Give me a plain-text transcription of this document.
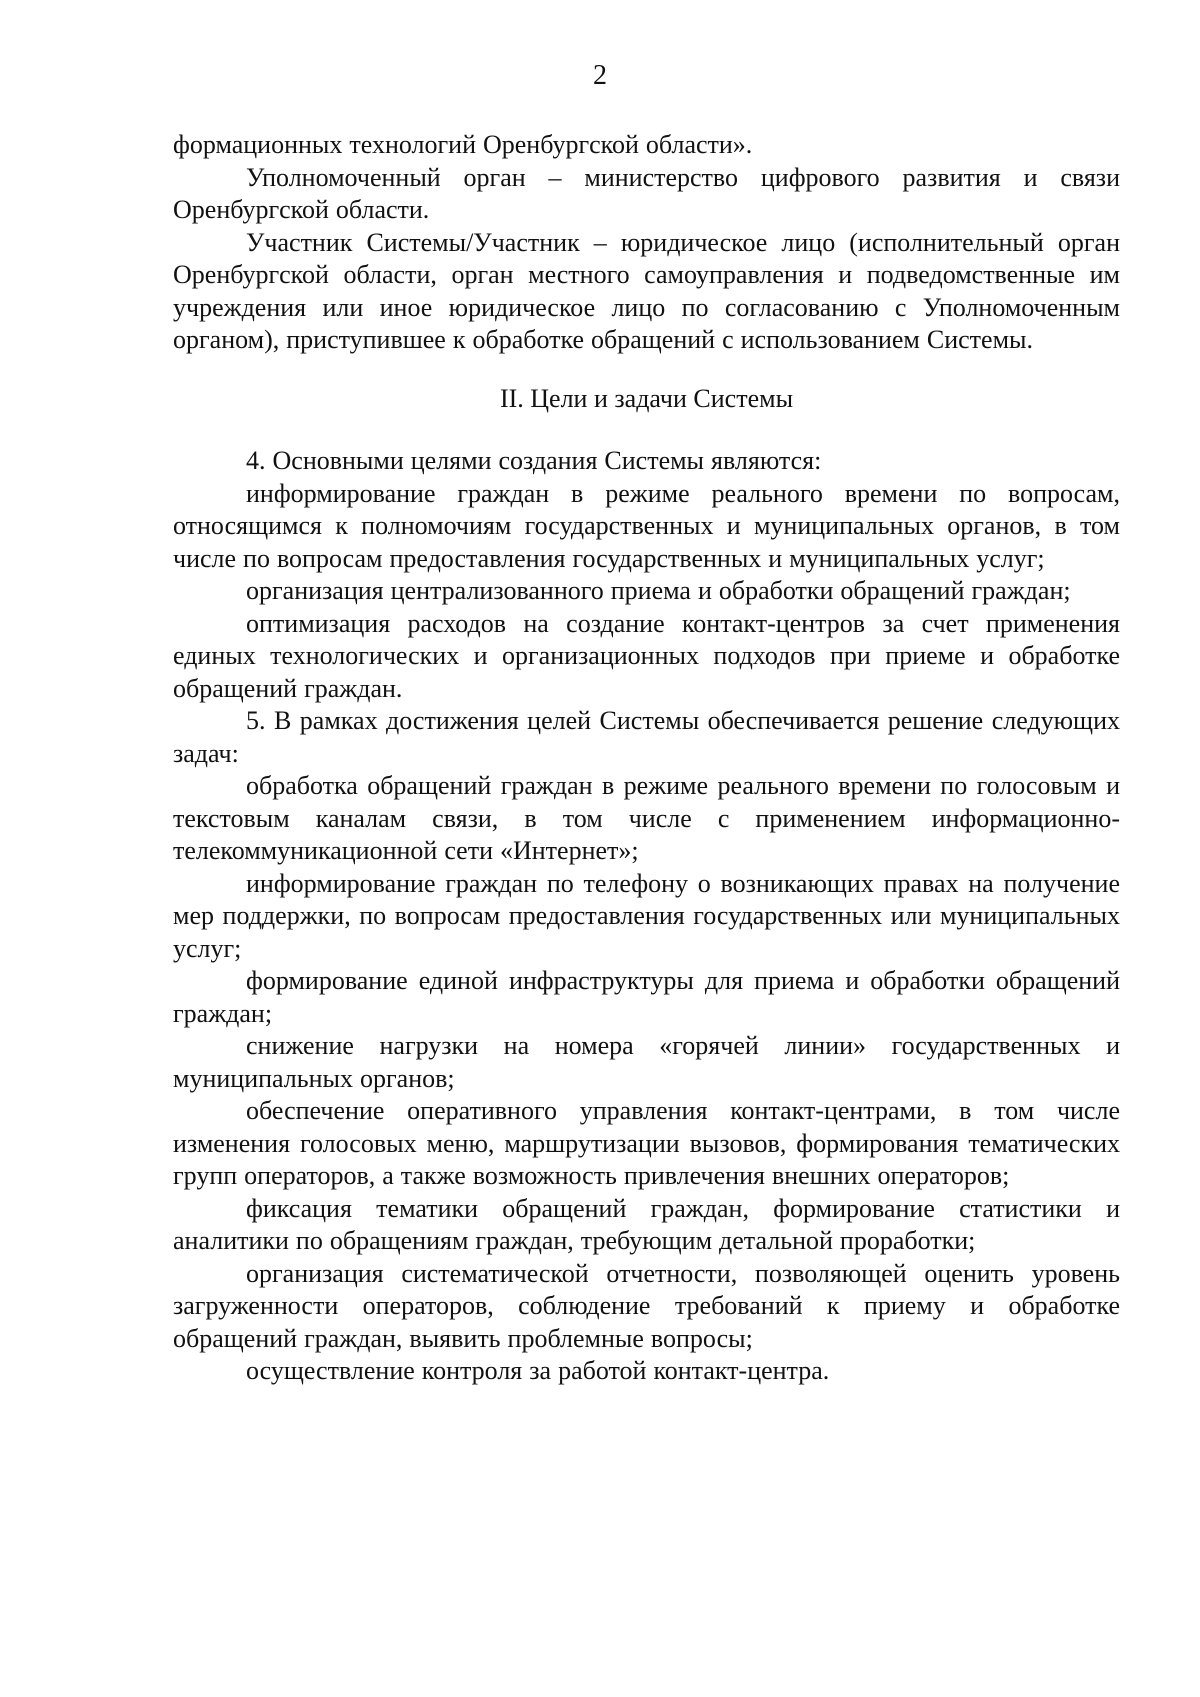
2

формационных технологий Оренбургской области».

Уполномоченный орган – министерство цифрового развития и связи Оренбургской области.

Участник Системы/Участник – юридическое лицо (исполнительный орган Оренбургской области, орган местного самоуправления и подведомственные им учреждения или иное юридическое лицо по согласованию с Уполномоченным органом), приступившее к обработке обращений с использованием Системы.

II. Цели и задачи Системы

4. Основными целями создания Системы являются:

информирование граждан в режиме реального времени по вопросам, относящимся к полномочиям государственных и муниципальных органов, в том числе по вопросам предоставления государственных и муниципальных услуг;

организация централизованного приема и обработки обращений граждан;

оптимизация расходов на создание контакт-центров за счет применения единых технологических и организационных подходов при приеме и обработке обращений граждан.

5. В рамках достижения целей Системы обеспечивается решение следующих задач:

обработка обращений граждан в режиме реального времени по голосовым и текстовым каналам связи, в том числе с применением информационно-телекоммуникационной сети «Интернет»;

информирование граждан по телефону о возникающих правах на получение мер поддержки, по вопросам предоставления государственных или муниципальных услуг;

формирование единой инфраструктуры для приема и обработки обращений граждан;

снижение нагрузки на номера «горячей линии» государственных и муниципальных органов;

обеспечение оперативного управления контакт-центрами, в том числе изменения голосовых меню, маршрутизации вызовов, формирования тематических групп операторов, а также возможность привлечения внешних операторов;

фиксация тематики обращений граждан, формирование статистики и аналитики по обращениям граждан, требующим детальной проработки;

организация систематической отчетности, позволяющей оценить уровень загруженности операторов, соблюдение требований к приему и обработке обращений граждан, выявить проблемные вопросы;

осуществление контроля за работой контакт-центра.
